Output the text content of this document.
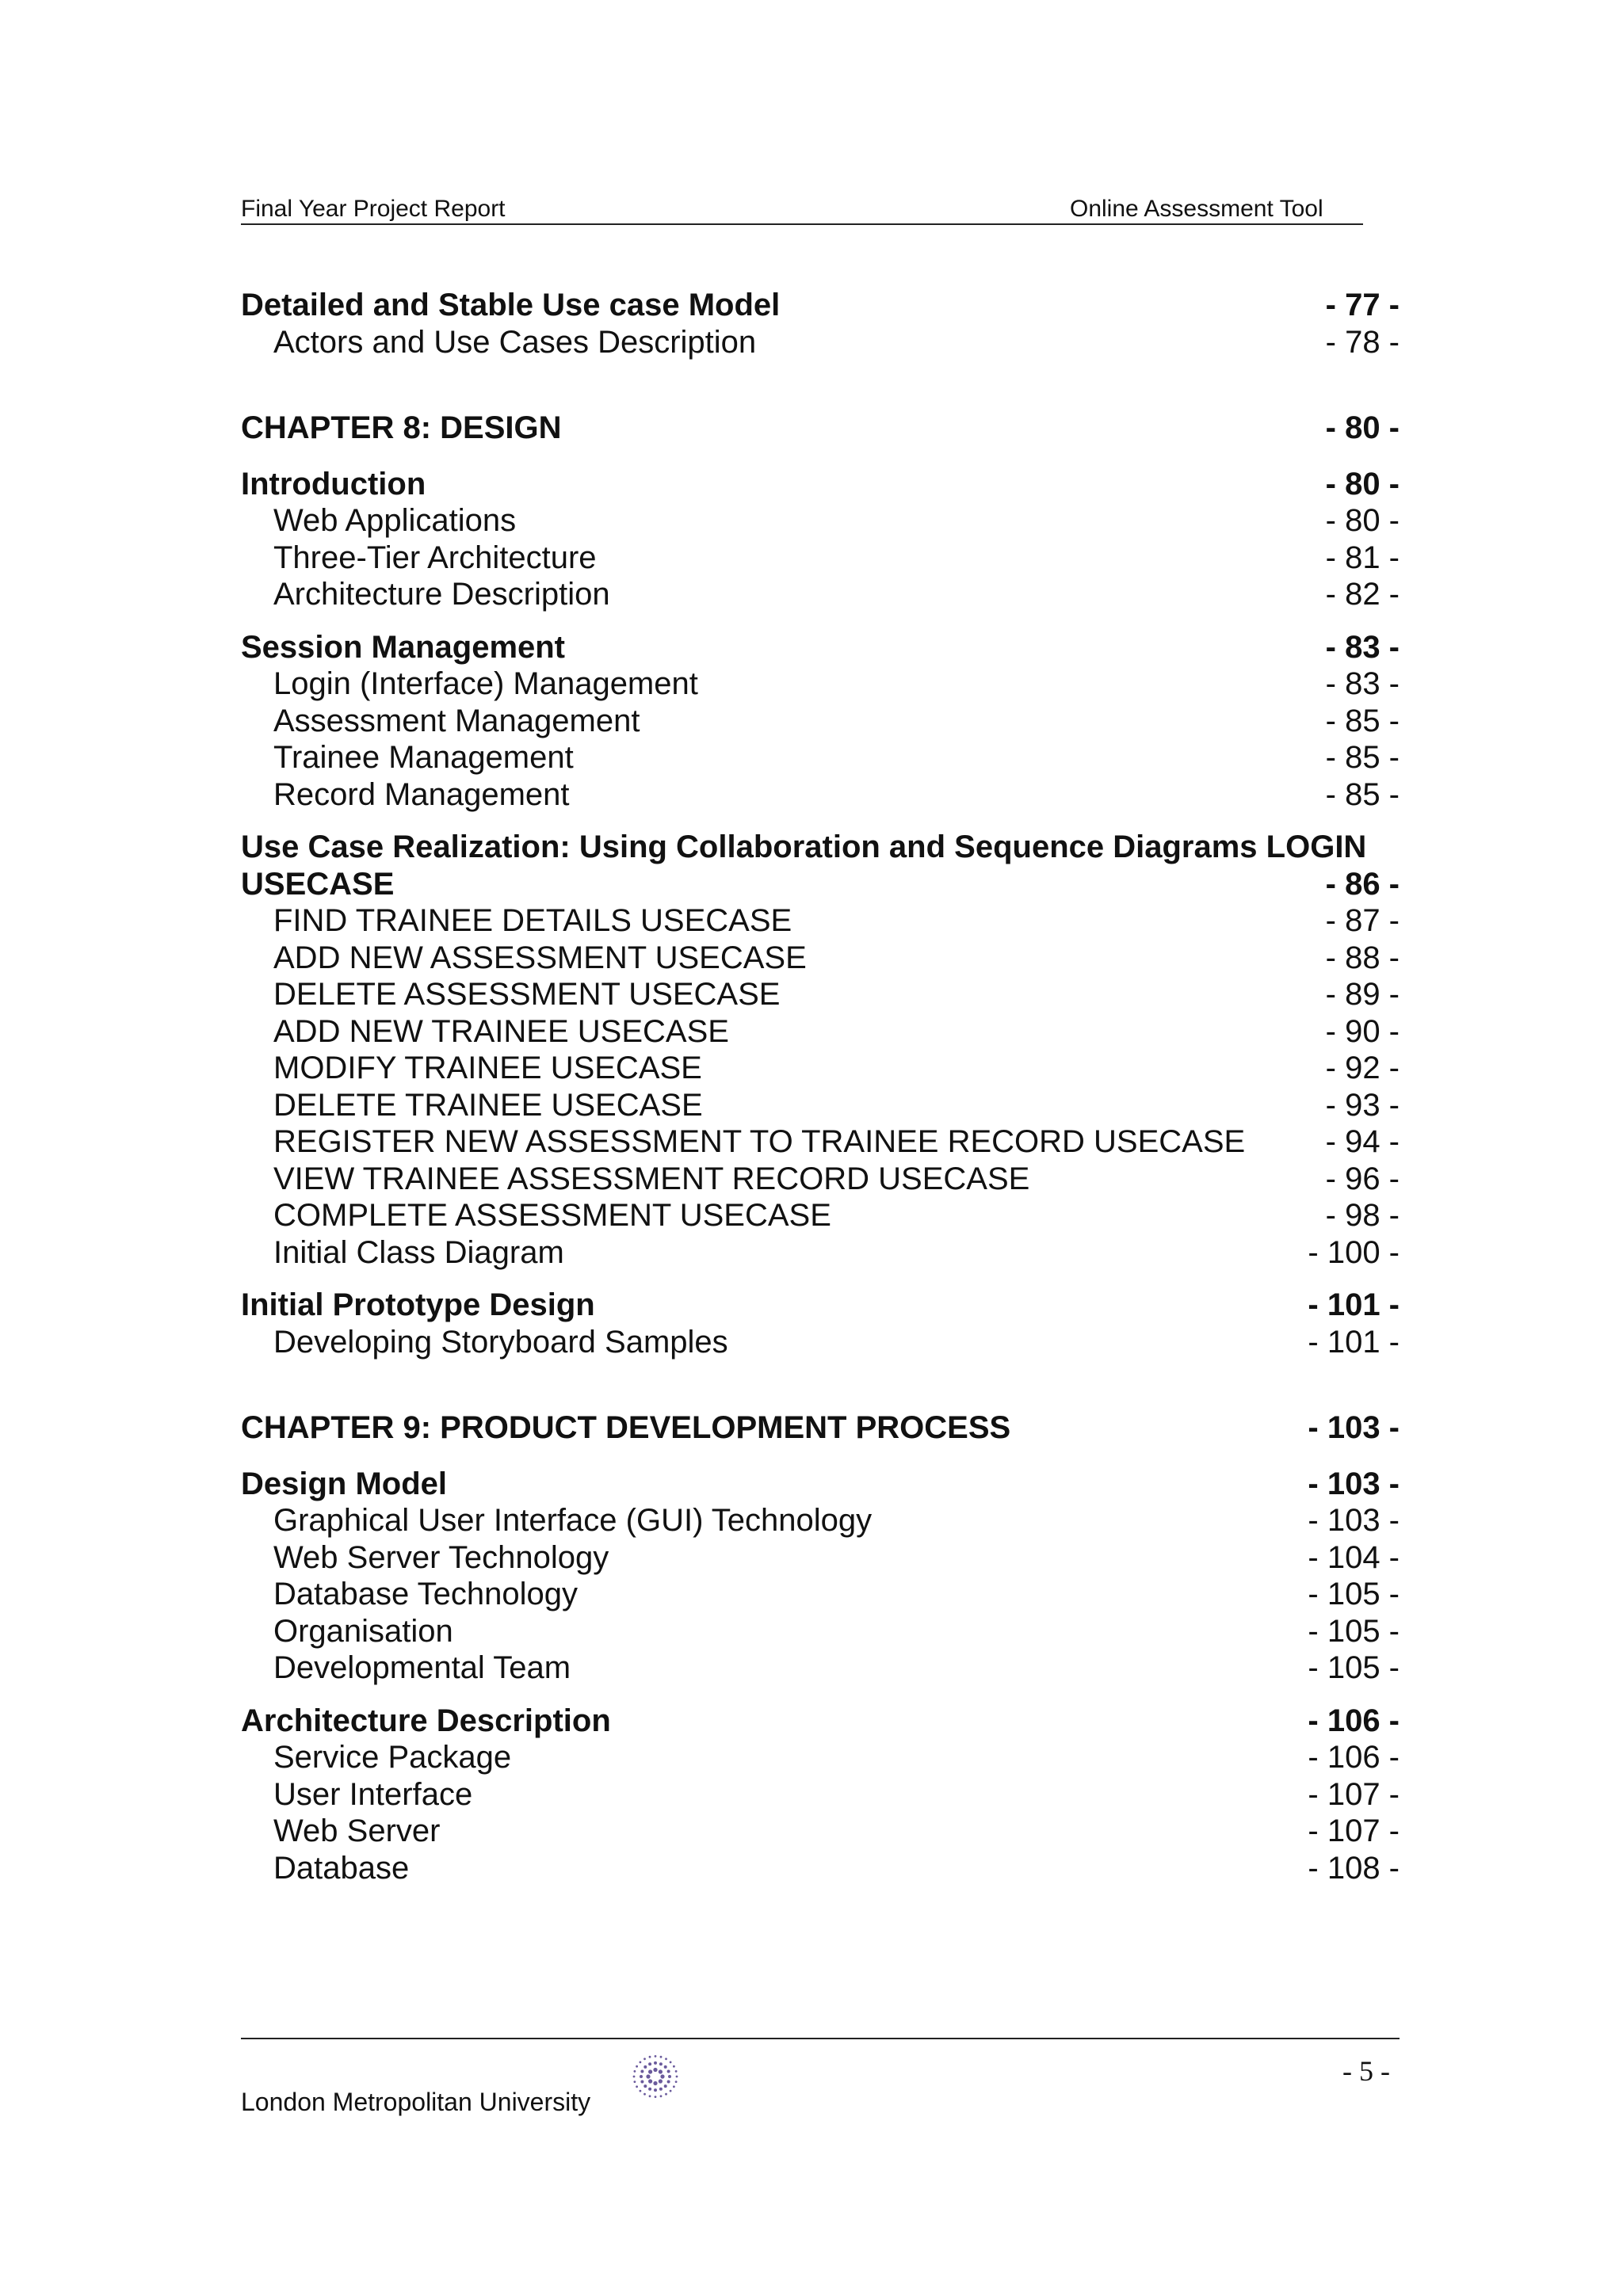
Final Year Project Report	Online Assessment Tool
Detailed and Stable Use case Model	- 77 -
Actors and Use Cases Description	- 78 -
CHAPTER 8: DESIGN	- 80 -
Introduction	- 80 -
Web Applications	- 80 -
Three-Tier Architecture	- 81 -
Architecture Description	- 82 -
Session Management	- 83 -
Login (Interface) Management	- 83 -
Assessment Management	- 85 -
Trainee Management	- 85 -
Record Management	- 85 -
Use Case Realization: Using Collaboration and Sequence Diagrams LOGIN
USECASE	- 86 -
FIND TRAINEE DETAILS USECASE	- 87 -
ADD NEW ASSESSMENT USECASE	- 88 -
DELETE ASSESSMENT USECASE	- 89 -
ADD NEW TRAINEE USECASE	- 90 -
MODIFY TRAINEE USECASE	- 92 -
DELETE TRAINEE USECASE	- 93 -
REGISTER NEW ASSESSMENT TO TRAINEE RECORD USECASE	- 94 -
VIEW TRAINEE ASSESSMENT RECORD USECASE	- 96 -
COMPLETE ASSESSMENT USECASE	- 98 -
Initial Class Diagram	- 100 -
Initial Prototype Design	- 101 -
Developing Storyboard Samples	- 101 -
CHAPTER 9: PRODUCT DEVELOPMENT PROCESS	- 103 -
Design Model	- 103 -
Graphical User Interface (GUI) Technology	- 103 -
Web Server Technology	- 104 -
Database Technology	- 105 -
Organisation	- 105 -
Developmental Team	- 105 -
Architecture Description	- 106 -
Service Package	- 106 -
User Interface	- 107 -
Web Server	- 107 -
Database	- 108 -
London Metropolitan University
- 5 -
